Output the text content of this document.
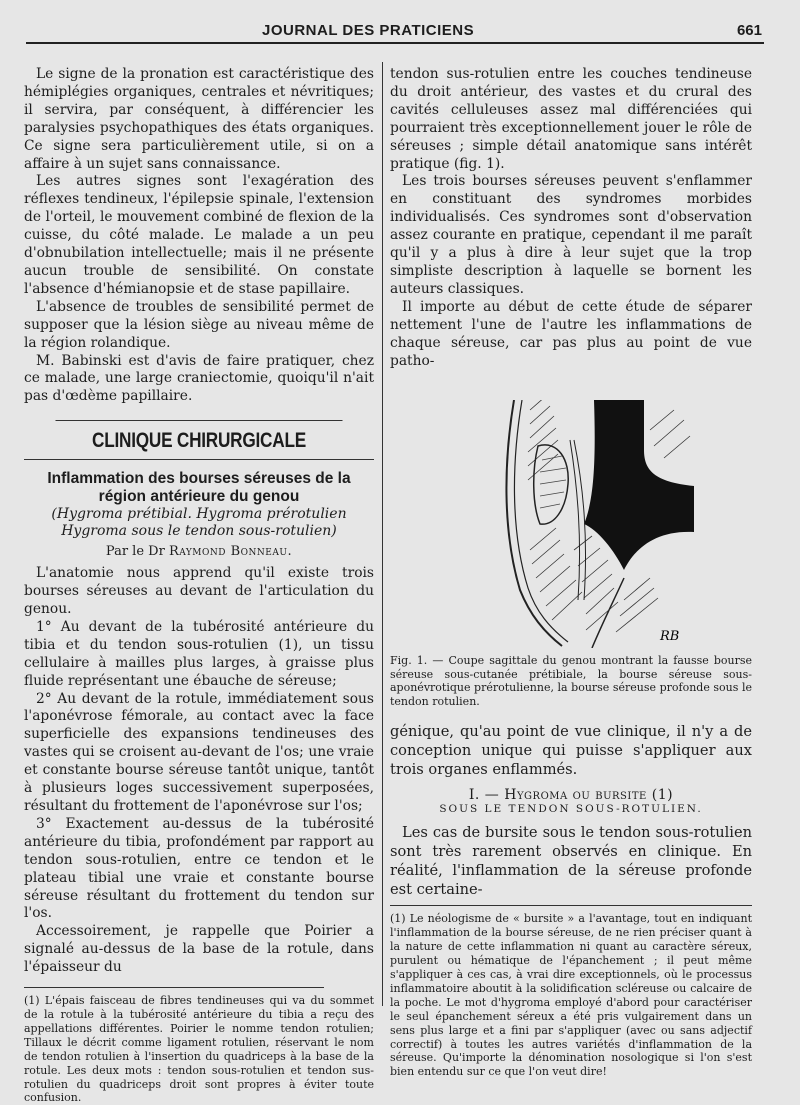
JOURNAL DES PRATICIENS	661

Le signe de la pronation est caractéristique des hémiplégies organiques, centrales et névritiques; il servira, par conséquent, à différencier les paralysies psychopathiques des états organiques. Ce signe sera particulièrement utile, si on a affaire à un sujet sans connaissance.

Les autres signes sont l'exagération des réflexes tendineux, l'épilepsie spinale, l'extension de l'orteil, le mouvement combiné de flexion de la cuisse, du côté malade. Le malade a un peu d'obnubilation intellectuelle; mais il ne présente aucun trouble de sensibilité. On constate l'absence d'hémianopsie et de stase papillaire.

L'absence de troubles de sensibilité permet de supposer que la lésion siège au niveau même de la région rolandique.

M. Babinski est d'avis de faire pratiquer, chez ce malade, une large craniectomie, quoiqu'il n'ait pas d'œdème papillaire.

CLINIQUE CHIRURGICALE
Inflammation des bourses séreuses de la région antérieure du genou
(Hygroma prétibial. Hygroma prérotulien Hygroma sous le tendon sous-rotulien)
Par le Dr Raymond Bonneau.

L'anatomie nous apprend qu'il existe trois bourses séreuses au devant de l'articulation du genou.

1° Au devant de la tubérosité antérieure du tibia et du tendon sous-rotulien (1), un tissu cellulaire à mailles plus larges, à graisse plus fluide représentant une ébauche de séreuse;

2° Au devant de la rotule, immédiatement sous l'aponévrose fémorale, au contact avec la face superficielle des expansions tendineuses des vastes qui se croisent au-devant de l'os; une vraie et constante bourse séreuse tantôt unique, tantôt à plusieurs loges successivement superposées, résultant du frottement de l'aponévrose sur l'os;

3° Exactement au-dessus de la tubérosité antérieure du tibia, profondément par rapport au tendon sous-rotulien, entre ce tendon et le plateau tibial une vraie et constante bourse séreuse résultant du frottement du tendon sur l'os.

Accessoirement, je rappelle que Poirier a signalé au-dessus de la base de la rotule, dans l'épaisseur du

(1) L'épais faisceau de fibres tendineuses qui va du sommet de la rotule à la tubérosité antérieure du tibia a reçu des appellations différentes. Poirier le nomme tendon rotulien; Tillaux le décrit comme ligament rotulien, réservant le nom de tendon rotulien à l'insertion du quadriceps à la base de la rotule. Les deux mots : tendon sous-rotulien et tendon sus-rotulien du quadriceps droit sont propres à éviter toute confusion.

tendon sus-rotulien entre les couches tendineuse du droit antérieur, des vastes et du crural des cavités celluleuses assez mal différenciées qui pourraient très exceptionnellement jouer le rôle de séreuses ; simple détail anatomique sans intérêt pratique (fig. 1).

Les trois bourses séreuses peuvent s'enflammer en constituant des syndromes morbides individualisés. Ces syndromes sont d'observation assez courante en pratique, cependant il me paraît qu'il y a plus à dire à leur sujet que la trop simpliste description à laquelle se bornent les auteurs classiques.

Il importe au début de cette étude de séparer nettement l'une de l'autre les inflammations de chaque séreuse, car pas plus au point de vue patho-

RB
Fig. 1. — Coupe sagittale du genou montrant la fausse bourse séreuse sous-cutanée prétibiale, la bourse séreuse sous-aponévrotique prérotulienne, la bourse séreuse profonde sous le tendon rotulien.

génique, qu'au point de vue clinique, il n'y a de conception unique qui puisse s'appliquer aux trois organes enflammés.

I. — Hygroma ou bursite (1)
SOUS LE TENDON SOUS-ROTULIEN.

Les cas de bursite sous le tendon sous-rotulien sont très rarement observés en clinique. En réalité, l'inflammation de la séreuse profonde est certaine-

(1) Le néologisme de « bursite » a l'avantage, tout en indiquant l'inflammation de la bourse séreuse, de ne rien préciser quant à la nature de cette inflammation ni quant au caractère séreux, purulent ou hématique de l'épanchement ; il peut même s'appliquer à ces cas, à vrai dire exceptionnels, où le processus inflammatoire aboutit à la solidification scléreuse ou calcaire de la poche. Le mot d'hygroma employé d'abord pour caractériser le seul épanchement séreux a été pris vulgairement dans un sens plus large et a fini par s'appliquer (avec ou sans adjectif correctif) à toutes les autres variétés d'inflammation de la séreuse. Qu'importe la dénomination nosologique si l'on s'est bien entendu sur ce que l'on veut dire!
